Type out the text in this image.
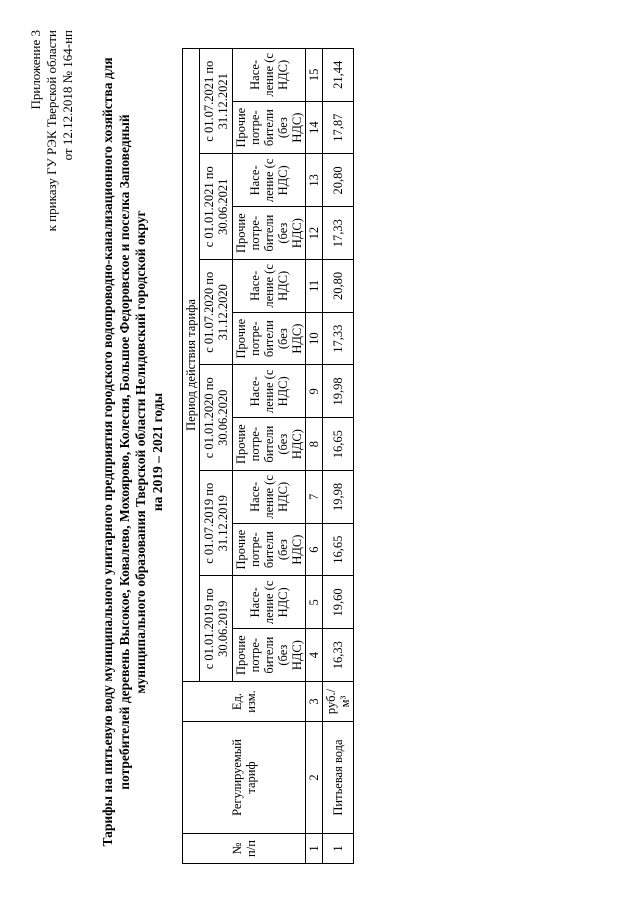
Приложение 3 к приказу ГУ РЭК Тверской области от 12.12.2018 № 164-нп Тарифы на питьевую воду муниципального унитарного предприятия городского водопроводно-канализационного хозяйства для потребителей деревень Высокое, Ковалево, Мохоярово, Колесня, Большое Федоровское и поселка Заповедный муниципального образования Тверской области Нелидовский городской округ на 2019 – 2021 годы
№ п/п	Регулируемый тариф	Ед. изм.	Период действия тарифа											
			с 01.01.2019 по 30.06.2019		с 01.07.2019 по 31.12.2019		с 01.01.2020 по 30.06.2020		с 01.07.2020 по 31.12.2020		с 01.01.2021 по 30.06.2021		с 01.07.2021 по 31.12.2021	
			Прочие потре-бители (без НДС)	Насе-ление (с НДС)	Прочие потре-бители (без НДС)	Насе-ление (с НДС)	Прочие потре-бители (без НДС)	Насе-ление (с НДС)	Прочие потре-бители (без НДС)	Насе-ление (с НДС)	Прочие потре-бители (без НДС)	Насе-ление (с НДС)	Прочие потре-бители (без НДС)	Насе-ление (с НДС)
1	2	3	4	5	6	7	8	9	10	11	12	13	14	15
1	Питьевая вода	руб./м³	16,33	19,60	16,65	19,98	16,65	19,98	17,33	20,80	17,33	20,80	17,87	21,44
